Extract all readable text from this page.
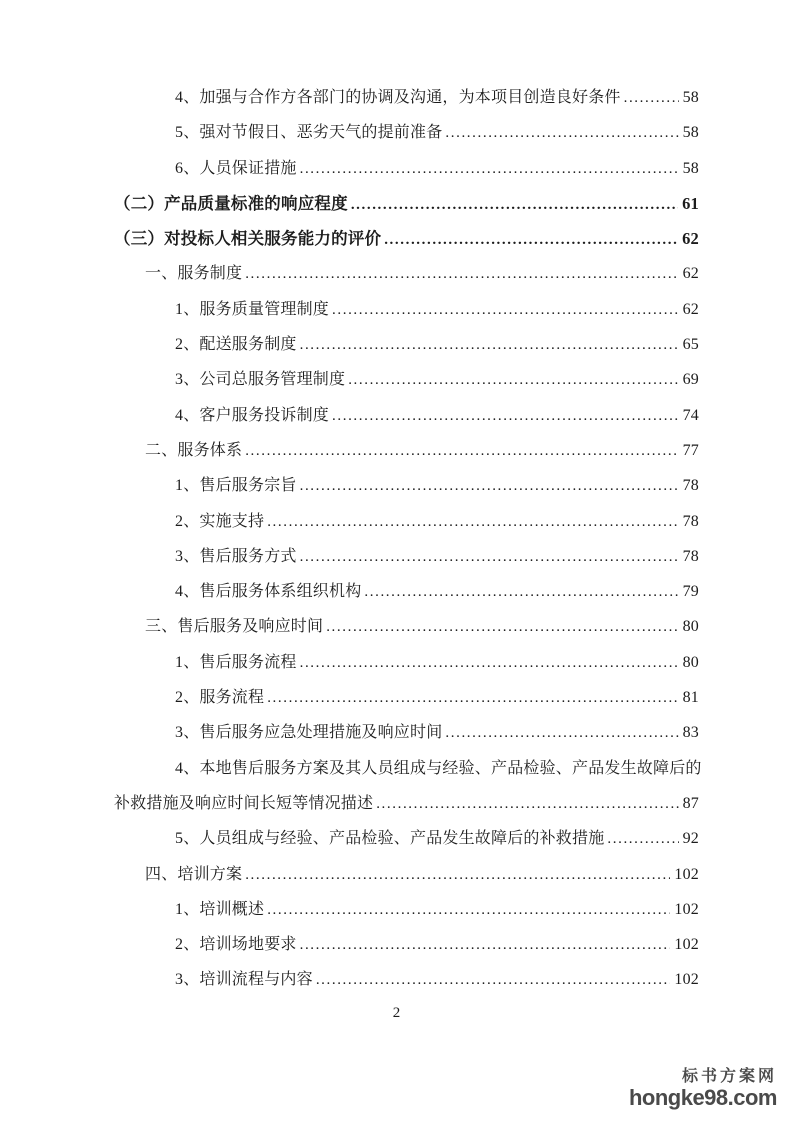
4、加强与合作方各部门的协调及沟通，为本项目创造良好条件 .....	58
5、强对节假日、恶劣天气的提前准备 .....	58
6、人员保证措施 .....	58
（二）产品质量标准的响应程度 .....	61
（三）对投标人相关服务能力的评价 .....	62
一、服务制度 .....	62
1、服务质量管理制度 .....	62
2、配送服务制度 .....	65
3、公司总服务管理制度 .....	69
4、客户服务投诉制度 .....	74
二、服务体系 .....	77
1、售后服务宗旨 .....	78
2、实施支持 .....	78
3、售后服务方式 .....	78
4、售后服务体系组织机构 .....	79
三、售后服务及响应时间 .....	80
1、售后服务流程 .....	80
2、服务流程 .....	81
3、售后服务应急处理措施及响应时间 .....	83
4、本地售后服务方案及其人员组成与经验、产品检验、产品发生故障后的
补救措施及响应时间长短等情况描述 .....	87
5、人员组成与经验、产品检验、产品发生故障后的补救措施 .....	92
四、培训方案 .....	102
1、培训概述 .....	102
2、培训场地要求 .....	102
3、培训流程与内容 .....	102
2
标书方案网
hongke98.com
